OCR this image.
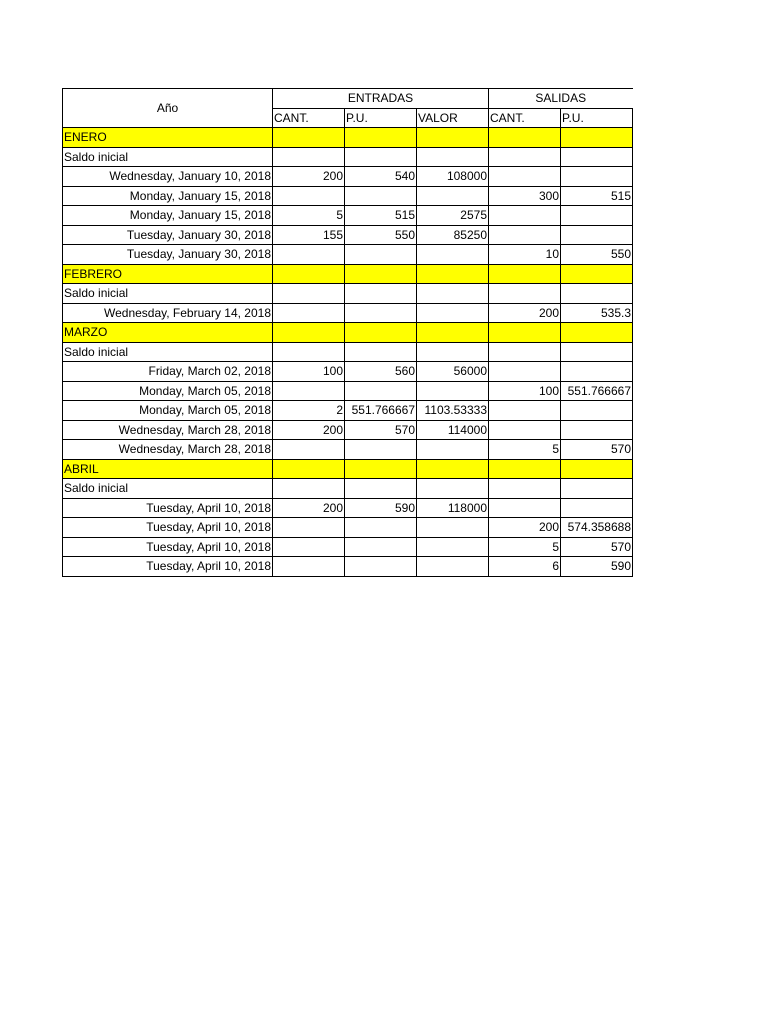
Año	ENTRADAS			SALIDAS	
	CANT.	P.U.	VALOR	CANT.	P.U.
ENERO					
Saldo inicial					
Wednesday, January 10, 2018	200	540	108000		
Monday, January 15, 2018				300	515
Monday, January 15, 2018	5	515	2575		
Tuesday, January 30, 2018	155	550	85250		
Tuesday, January 30, 2018				10	550
FEBRERO					
Saldo inicial					
Wednesday, February 14, 2018				200	535.3
MARZO					
Saldo inicial					
Friday, March 02, 2018	100	560	56000		
Monday, March 05, 2018				100	551.766667
Monday, March 05, 2018	2	551.766667	1103.53333		
Wednesday, March 28, 2018	200	570	114000		
Wednesday, March 28, 2018				5	570
ABRIL					
Saldo inicial					
Tuesday, April 10, 2018	200	590	118000		
Tuesday, April 10, 2018				200	574.358688
Tuesday, April 10, 2018				5	570
Tuesday, April 10, 2018				6	590
